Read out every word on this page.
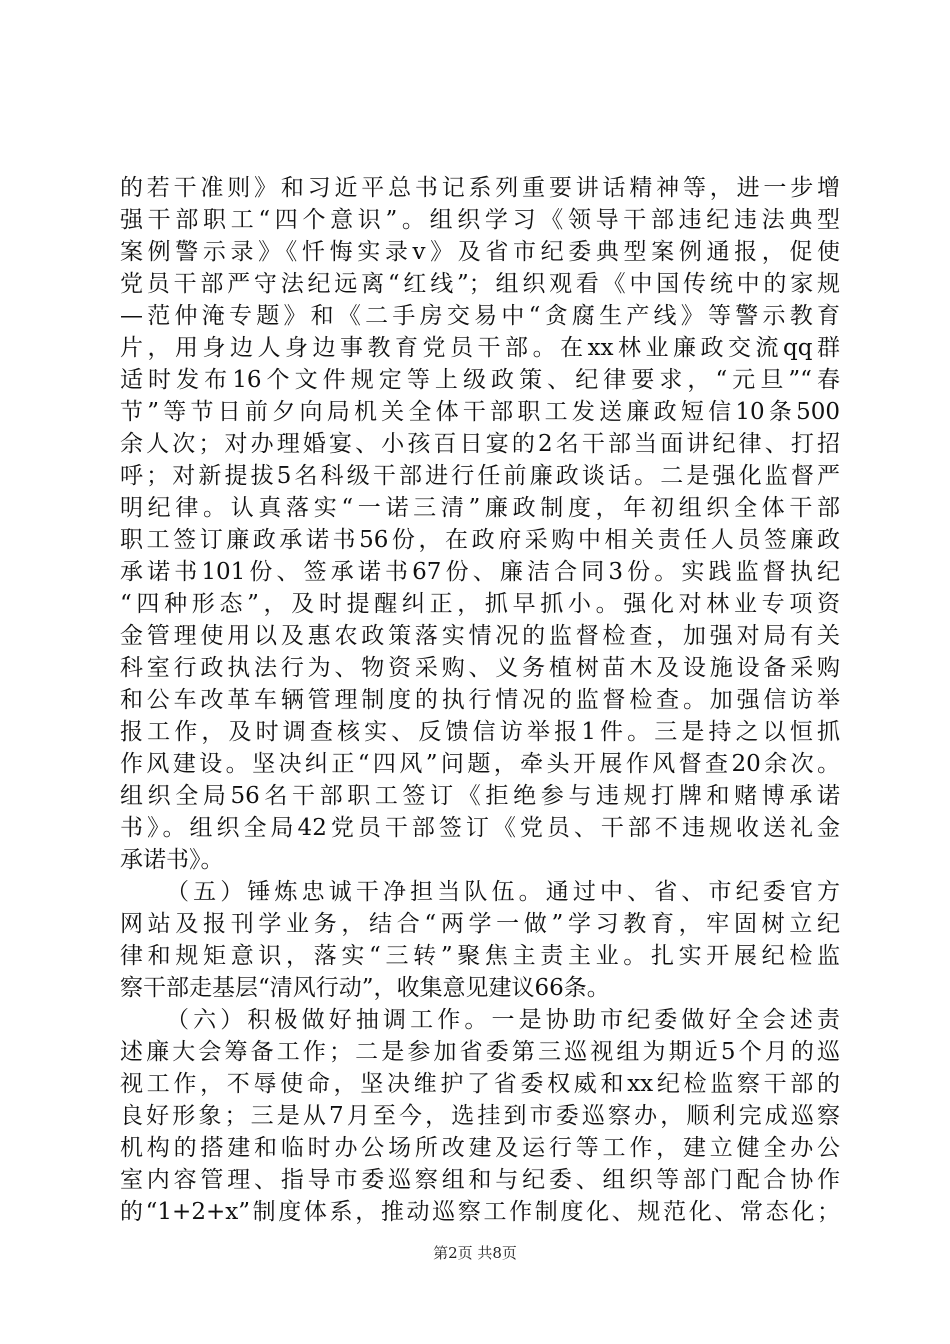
的若干准则》和习近平总书记系列重要讲话精神等，进一步增
强干部职工“四个意识”。组织学习《领导干部违纪违法典型
案例警示录》《忏悔实录ⅴ》及省市纪委典型案例通报，促使
党员干部严守法纪远离“红线”；组织观看《中国传统中的家规
—范仲淹专题》和《二手房交易中“贪腐生产线》等警示教育
片，用身边人身边事教育党员干部。在xx林业廉政交流qq群
适时发布16个文件规定等上级政策、纪律要求，“元旦”“春
节”等节日前夕向局机关全体干部职工发送廉政短信10条500
余人次；对办理婚宴、小孩百日宴的2名干部当面讲纪律、打招
呼；对新提拔5名科级干部进行任前廉政谈话。二是强化监督严
明纪律。认真落实“一诺三清”廉政制度，年初组织全体干部
职工签订廉政承诺书56份，在政府采购中相关责任人员签廉政
承诺书101份、签承诺书67份、廉洁合同3份。实践监督执纪
“四种形态”，及时提醒纠正，抓早抓小。强化对林业专项资
金管理使用以及惠农政策落实情况的监督检查，加强对局有关
科室行政执法行为、物资采购、义务植树苗木及设施设备采购
和公车改革车辆管理制度的执行情况的监督检查。加强信访举
报工作，及时调查核实、反馈信访举报1件。三是持之以恒抓
作风建设。坚决纠正“四风”问题，牵头开展作风督查20余次。
组织全局56名干部职工签订《拒绝参与违规打牌和赌博承诺
书》。组织全局42党员干部签订《党员、干部不违规收送礼金
承诺书》。
（五）锤炼忠诚干净担当队伍。通过中、省、市纪委官方
网站及报刊学业务，结合“两学一做”学习教育，牢固树立纪
律和规矩意识，落实“三转”聚焦主责主业。扎实开展纪检监
察干部走基层“清风行动”，收集意见建议66条。
（六）积极做好抽调工作。一是协助市纪委做好全会述责
述廉大会筹备工作；二是参加省委第三巡视组为期近5个月的巡
视工作，不辱使命，坚决维护了省委权威和xx纪检监察干部的
良好形象；三是从7月至今，选挂到市委巡察办，顺利完成巡察
机构的搭建和临时办公场所改建及运行等工作，建立健全办公
室内容管理、指导市委巡察组和与纪委、组织等部门配合协作
的“1+2+x”制度体系，推动巡察工作制度化、规范化、常态化；
第2页 共8页
